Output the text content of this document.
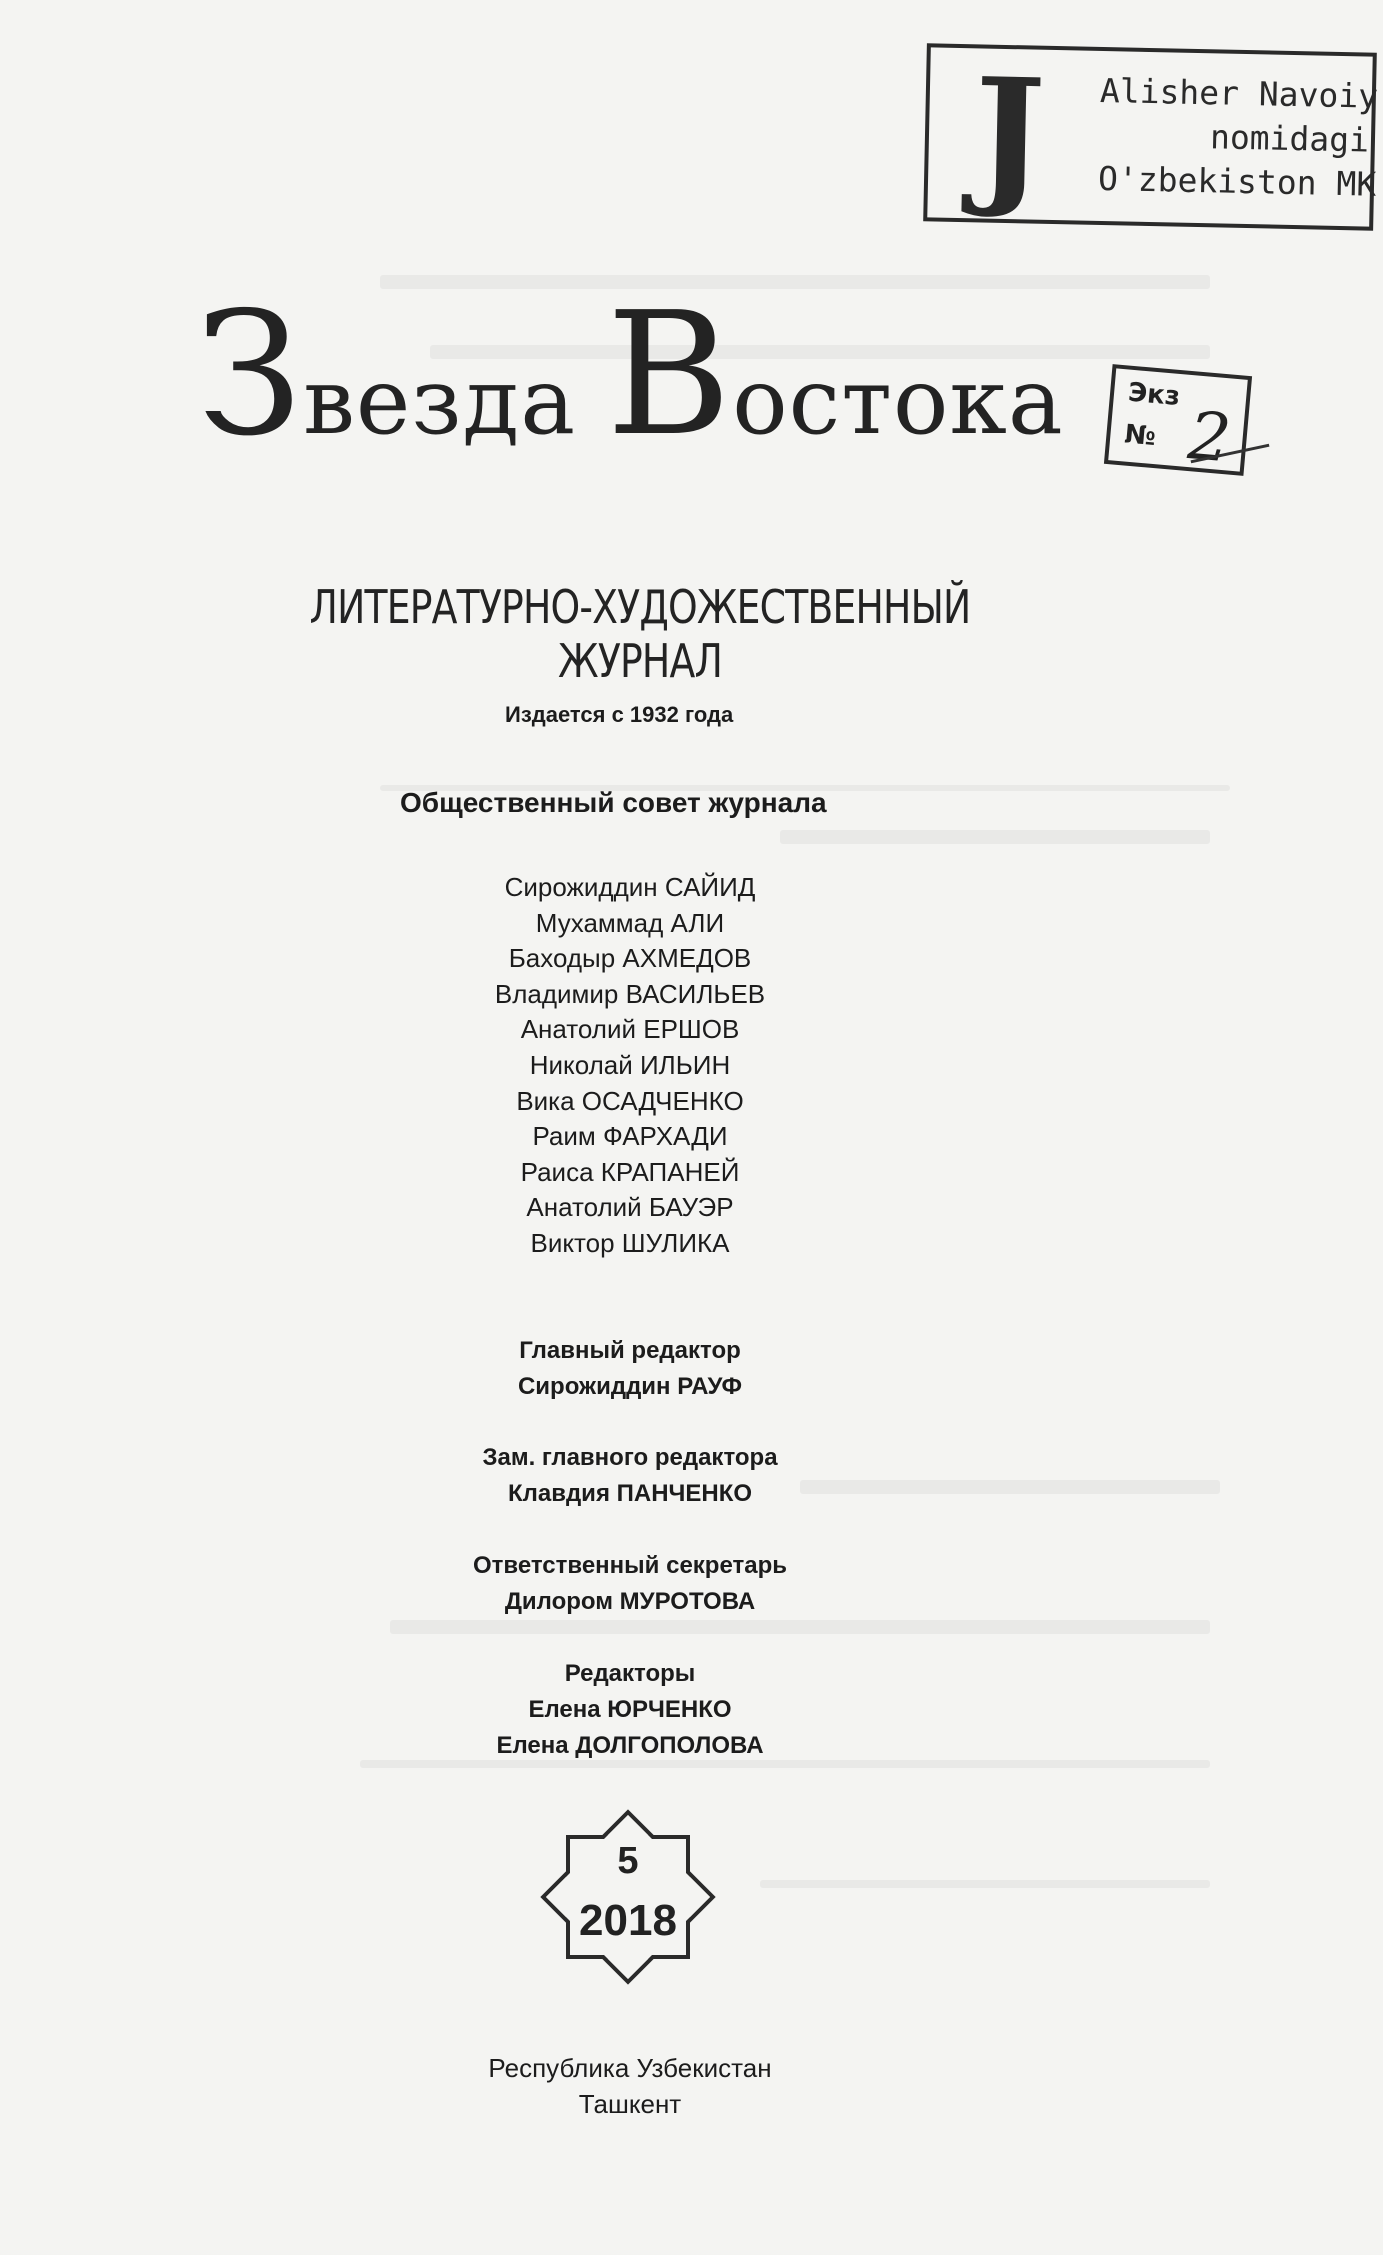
J Alisher Navoiy
nomidagi
O'zbekiston MK
Экз
№ 2
Звезда Востока
ЛИТЕРАТУРНО-ХУДОЖЕСТВЕННЫЙ ЖУРНАЛ
Издается с 1932 года
Общественный совет журнала
Сирожиддин САЙИД
Мухаммад АЛИ
Баходыр АХМЕДОВ
Владимир ВАСИЛЬЕВ
Анатолий ЕРШОВ
Николай ИЛЬИН
Вика ОСАДЧЕНКО
Раим ФАРХАДИ
Раиса КРАПАНЕЙ
Анатолий БАУЭР
Виктор ШУЛИКА
Главный редактор
Сирожиддин РАУФ
Зам. главного редактора
Клавдия ПАНЧЕНКО
Ответственный секретарь
Дилором МУРОТОВА
Редакторы
Елена ЮРЧЕНКО
Елена ДОЛГОПОЛОВА
5
2018
Республика Узбекистан
Ташкент
